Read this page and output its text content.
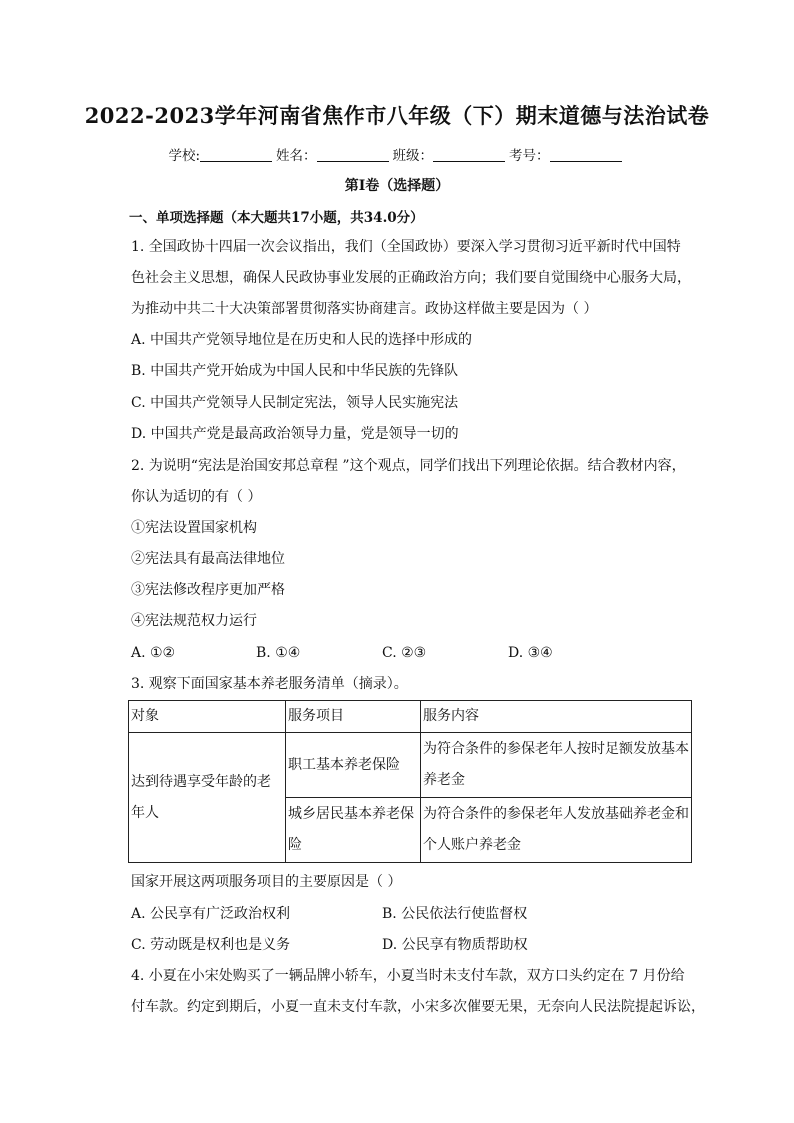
2022-2023学年河南省焦作市八年级（下）期末道德与法治试卷
学校:	姓名：	班级：	考号：
第I卷（选择题）
一、单项选择题（本大题共17小题，共34.0分）
1. 全国政协十四届一次会议指出，我们（全国政协）要深入学习贯彻习近平新时代中国特
色社会主义思想，确保人民政协事业发展的正确政治方向；我们要自觉围绕中心服务大局，
为推动中共二十大决策部署贯彻落实协商建言。政协这样做主要是因为（ ）
A. 中国共产党领导地位是在历史和人民的选择中形成的
B. 中国共产党开始成为中国人民和中华民族的先锋队
C. 中国共产党领导人民制定宪法，领导人民实施宪法
D. 中国共产党是最高政治领导力量，党是领导一切的
2. 为说明“宪法是治国安邦总章程 ”这个观点，同学们找出下列理论依据。结合教材内容，
你认为适切的有（ ）
①宪法设置国家机构
②宪法具有最高法律地位
③宪法修改程序更加严格
④宪法规范权力运行
A. ①②	B. ①④	C. ②③	D. ③④
3. 观察下面国家基本养老服务清单（摘录）。
对象	服务项目	服务内容
达到待遇享受年龄的老年人	职工基本养老保险	为符合条件的参保老年人按时足额发放基本养老金
	城乡居民基本养老保险	为符合条件的参保老年人发放基础养老金和个人账户养老金
国家开展这两项服务项目的主要原因是（ ）
A. 公民享有广泛政治权利	B. 公民依法行使监督权
C. 劳动既是权利也是义务	D. 公民享有物质帮助权
4. 小夏在小宋处购买了一辆品牌小轿车，小夏当时未支付车款，双方口头约定在 7 月份给
付车款。约定到期后，小夏一直未支付车款，小宋多次催要无果，无奈向人民法院提起诉讼，
